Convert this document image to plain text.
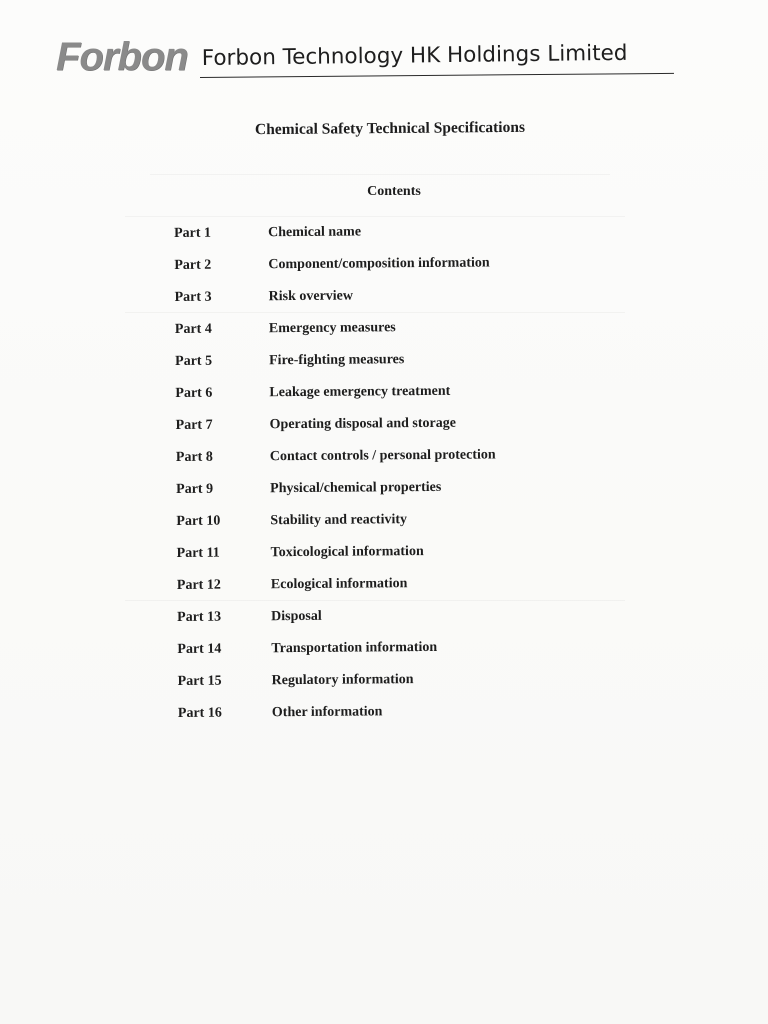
Forbon Forbon Technology HK Holdings Limited
Chemical Safety Technical Specifications
Contents
Part 1	Chemical name
Part 2	Component/composition information
Part 3	Risk overview
Part 4	Emergency measures
Part 5	Fire-fighting measures
Part 6	Leakage emergency treatment
Part 7	Operating disposal and storage
Part 8	Contact controls / personal protection
Part 9	Physical/chemical properties
Part 10	Stability and reactivity
Part 11	Toxicological information
Part 12	Ecological information
Part 13	Disposal
Part 14	Transportation information
Part 15	Regulatory information
Part 16	Other information
